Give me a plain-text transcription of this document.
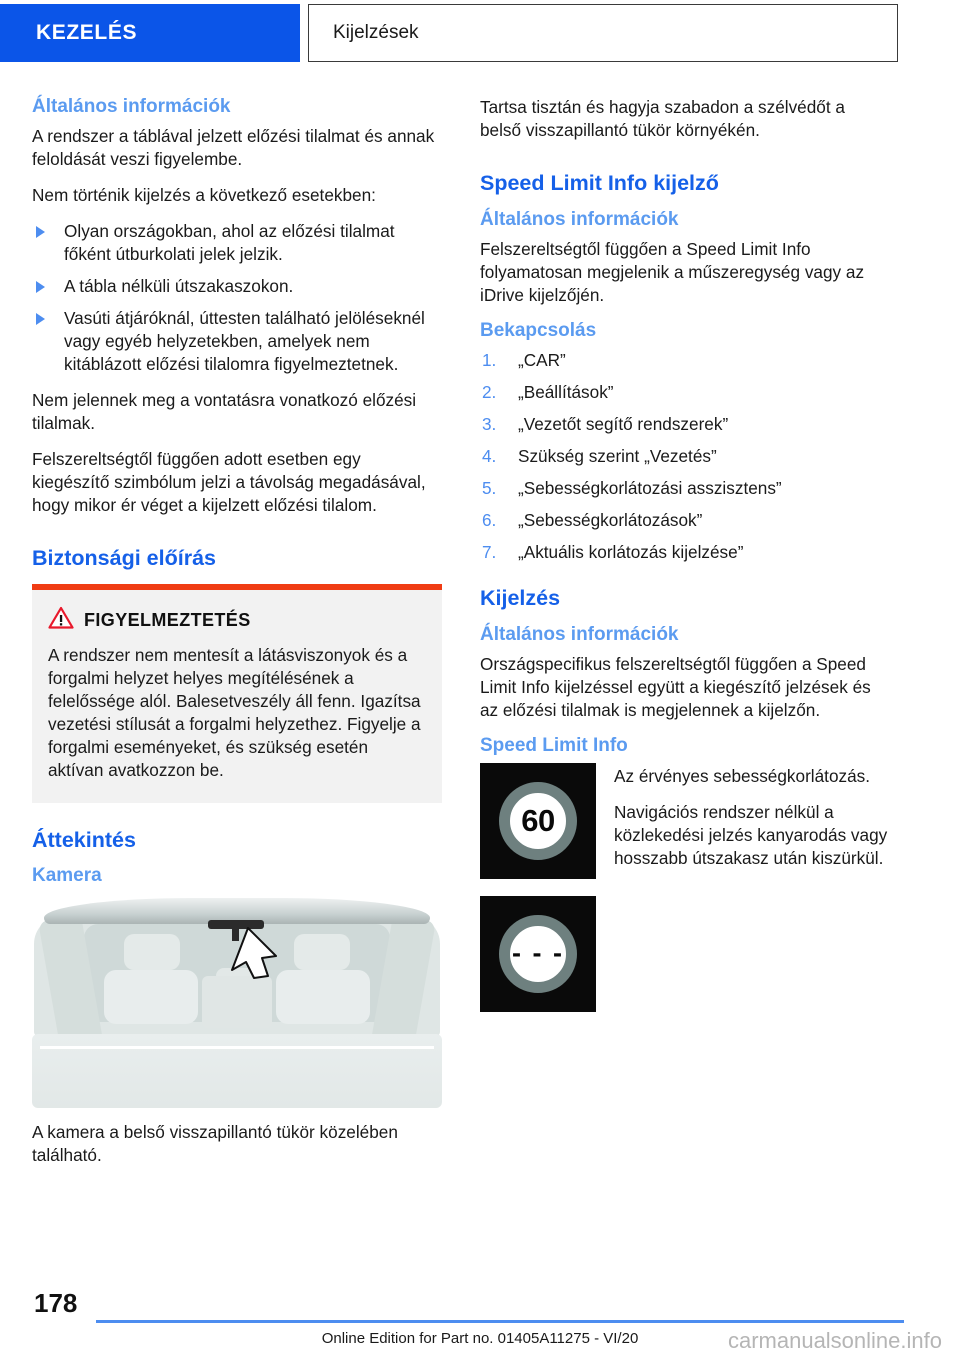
KEZELÉS	Kijelzések
Általános információk

A rendszer a táblával jelzett előzési tilalmat és annak feloldását veszi figyelembe.

Nem történik kijelzés a következő esetekben:

Olyan országokban, ahol az előzési tilalmat főként útburkolati jelek jelzik.
A tábla nélküli útszakaszokon.
Vasúti átjáróknál, úttesten található jelöléseknél vagy egyéb helyzetekben, amelyek nem kitáblázott előzési tilalomra figyelmeztetnek.

Nem jelennek meg a vontatásra vonatkozó előzési tilalmak.

Felszereltségtől függően adott esetben egy kiegészítő szimbólum jelzi a távolság megadásával, hogy mikor ér véget a kijelzett előzési tilalom.

Biztonsági előírás
FIGYELMEZTETÉS

A rendszer nem mentesít a látásviszonyok és a forgalmi helyzet helyes megítélésének a felelőssége alól. Balesetveszély áll fenn. Igazítsa vezetési stílusát a forgalmi helyzethez. Figyelje a forgalmi eseményeket, és szükség esetén aktívan avatkozzon be.

Áttekintés
Kamera

A kamera a belső visszapillantó tükör közelében található.

Tartsa tisztán és hagyja szabadon a szélvédőt a belső visszapillantó tükör környékén.

Speed Limit Info kijelző
Általános információk

Felszereltségtől függően a Speed Limit Info folyamatosan megjelenik a műszeregység vagy az iDrive kijelzőjén.

Bekapcsolás
1.	„CAR”
2.	„Beállítások”
3.	„Vezetőt segítő rendszerek”
4.	Szükség szerint „Vezetés”
5.	„Sebességkorlátozási asszisztens”
6.	„Sebességkorlátozások”
7.	„Aktuális korlátozás kijelzése”
Kijelzés
Általános információk

Országspecifikus felszereltségtől függően a Speed Limit Info kijelzéssel együtt a kiegészítő jelzések és az előzési tilalmak is megjelennek a kijelzőn.

Speed Limit Info
60

Az érvényes sebességkorlátozás.

Navigációs rendszer nélkül a közlekedési jelzés kanyarodás vagy hosszabb útszakasz után kiszürkül.

- - -
178
Online Edition for Part no. 01405A11275 - VI/20	carmanualsonline.info
